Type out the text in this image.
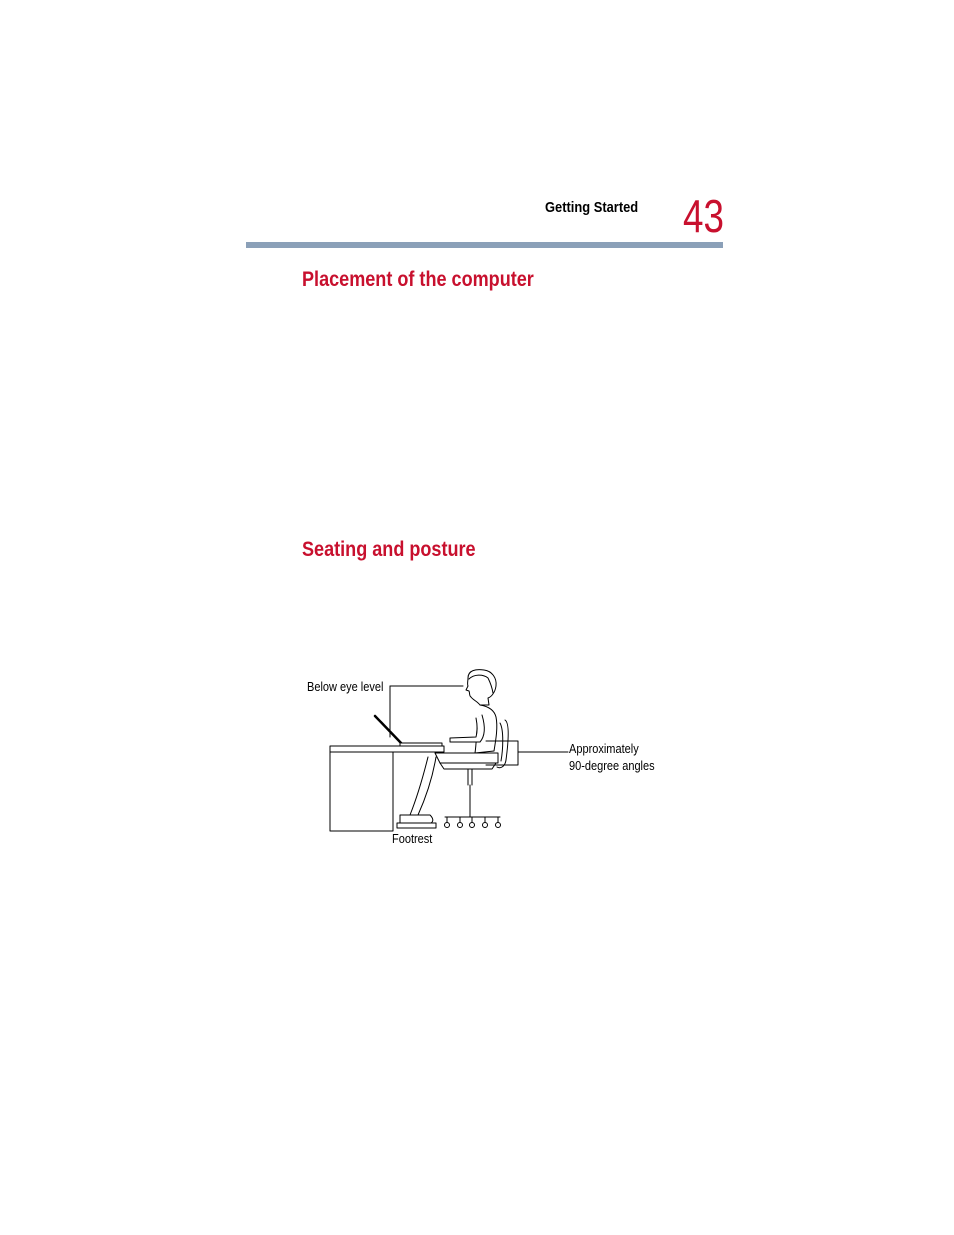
Getting Started 43
Placement of the computer
Seating and posture
Below eye level
Approximately
90-degree angles
Footrest
